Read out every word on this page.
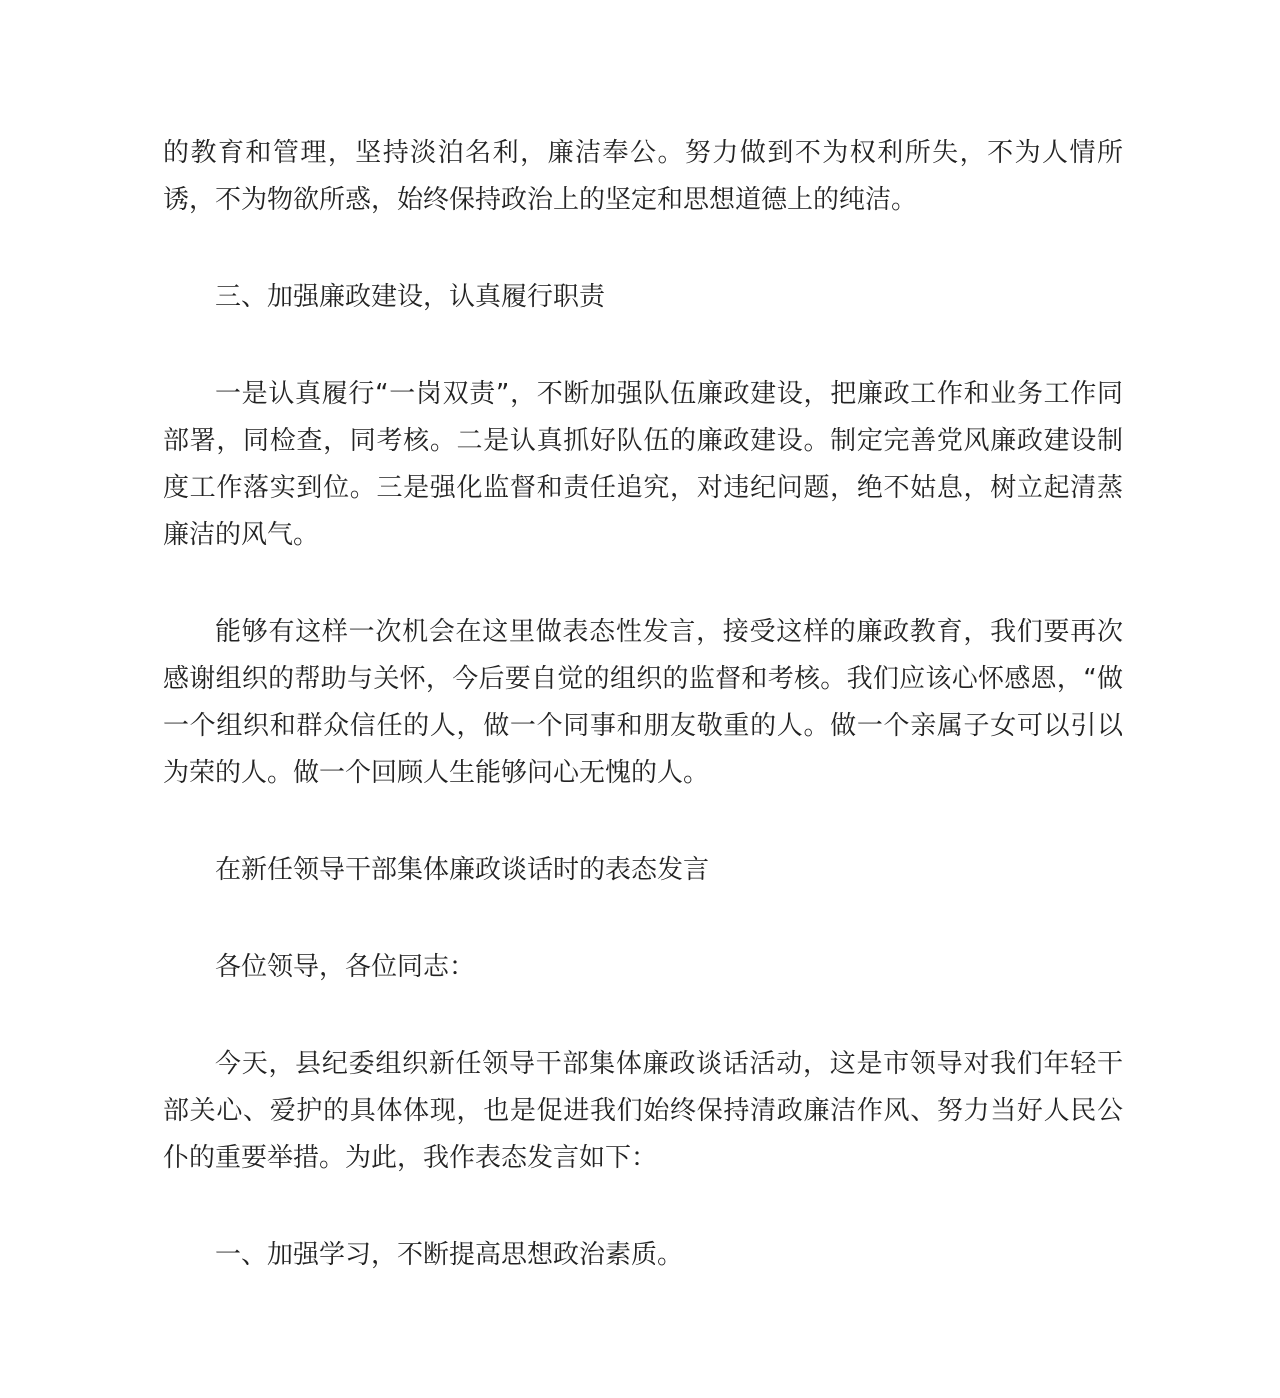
的教育和管理，坚持淡泊名利，廉洁奉公。努力做到不为权利所失，不为人情所诱，不为物欲所惑，始终保持政治上的坚定和思想道德上的纯洁。

三、加强廉政建设，认真履行职责

一是认真履行“一岗双责”，不断加强队伍廉政建设，把廉政工作和业务工作同部署，同检查，同考核。二是认真抓好队伍的廉政建设。制定完善党风廉政建设制度工作落实到位。三是强化监督和责任追究，对违纪问题，绝不姑息，树立起清蒸廉洁的风气。

能够有这样一次机会在这里做表态性发言，接受这样的廉政教育，我们要再次感谢组织的帮助与关怀，今后要自觉的组织的监督和考核。我们应该心怀感恩，“做一个组织和群众信任的人，做一个同事和朋友敬重的人。做一个亲属子女可以引以为荣的人。做一个回顾人生能够问心无愧的人。

在新任领导干部集体廉政谈话时的表态发言

各位领导，各位同志：

今天，县纪委组织新任领导干部集体廉政谈话活动，这是市领导对我们年轻干部关心、爱护的具体体现，也是促进我们始终保持清政廉洁作风、努力当好人民公仆的重要举措。为此，我作表态发言如下：

一、加强学习，不断提高思想政治素质。
